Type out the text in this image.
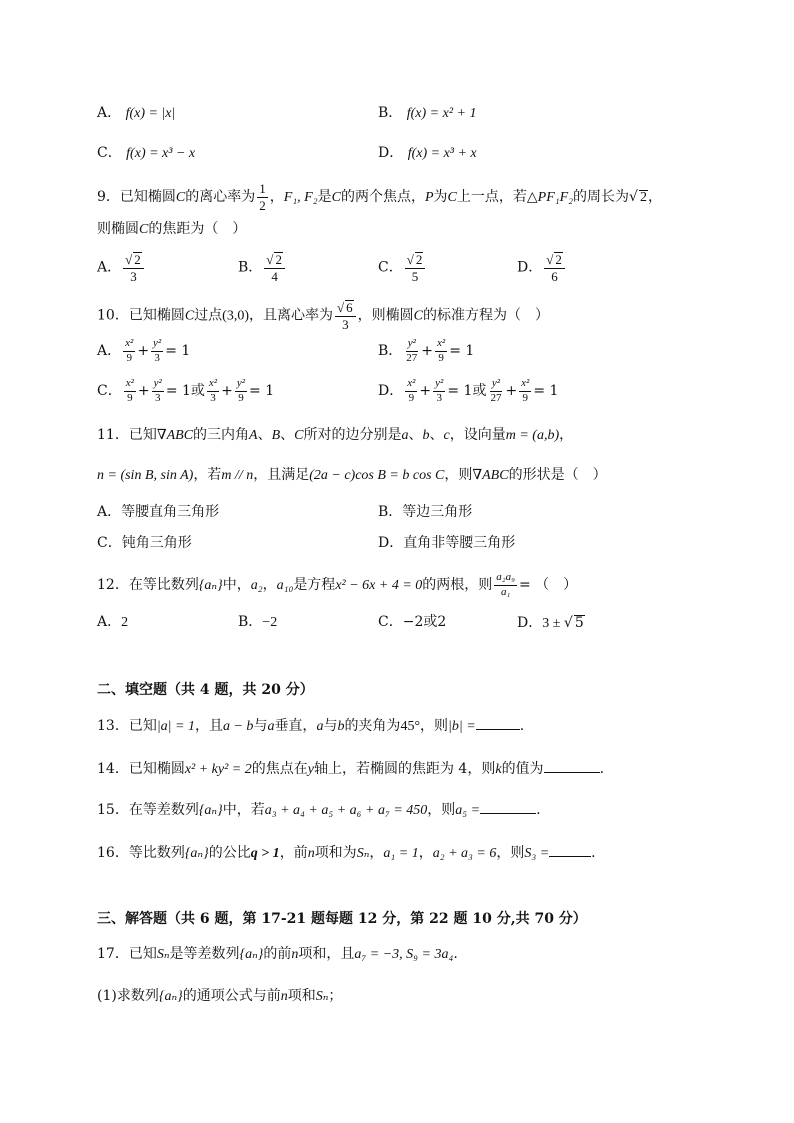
A． f(x) = |x|	B． f(x) = x² + 1
C． f(x) = x³ − x	D． f(x) = x³ + x
9．已知椭圆C的离心率为 $\frac{1}{2}$ ，F₁, F₂是C的两个焦点，P为C上一点，若△PF₁F₂的周长为√ 2，
则椭圆C的焦距为（　）
A． $\frac{√ 2}{3}$	B． $\frac{√ 2}{4}$	C． $\frac{√ 2}{5}$	D． $\frac{√ 2}{6}$
10．已知椭圆C过点(3,0)，且离心率为 $\frac{√ 6}{3}$ ，则椭圆C的标准方程为（　）
A． $\frac{\text{x²}}{9} + \frac{\text{y²}}{3} = 1$	B． $\frac{\text{y²}}{27} + \frac{\text{x²}}{9} = 1$
C． $\frac{\text{x²}}{9} + \frac{\text{y²}}{3} = 1$或 $\frac{\text{x²}}{3} + \frac{\text{y²}}{9} = 1$	D． $\frac{\text{x²}}{9} + \frac{\text{y²}}{3} = 1$或 $\frac{\text{y²}}{27} + \frac{\text{x²}}{9} = 1$
11．已知∇ABC的三内角A、B、C所对的边分别是a、b、c，设向量m = (a,b)，
n = (sin B, sin A)，若m // n，且满足(2a − c)cos B = b cos C，则∇ABC的形状是（　）
A．等腰直角三角形	B．等边三角形
C．钝角三角形	D．直角非等腰三角形
12．在等比数列{aₙ}中，a₂，a₁₀是方程x² − 6x + 4 = 0的两根，则 $\frac{\text{a₂a₉}}{\text{a₁}}$ = （　）
A．2	B．−2	C．−2或2	D．3 ± √ 5
二、填空题（共 4 题，共 20 分）
13．已知|a| = 1，且a − b与a垂直，a与b的夹角为45°，则|b| =	.
14．已知椭圆x² + ky² = 2的焦点在y轴上，若椭圆的焦距为 4，则k的值为	.
15．在等差数列{aₙ}中，若a₃ + a₄ + a₅ + a₆ + a₇ = 450，则a₅ =	.
16．等比数列{aₙ}的公比q > 1，前n项和为Sₙ，a₁ = 1，a₂ + a₃ = 6，则S₃ =	.
三、解答题（共 6 题，第 17-21 题每题 12 分，第 22 题 10 分,共 70 分）
17．已知Sₙ是等差数列{aₙ}的前n项和，且a₇ = −3, S₉ = 3a₄.
(1)求数列{aₙ}的通项公式与前n项和Sₙ；
